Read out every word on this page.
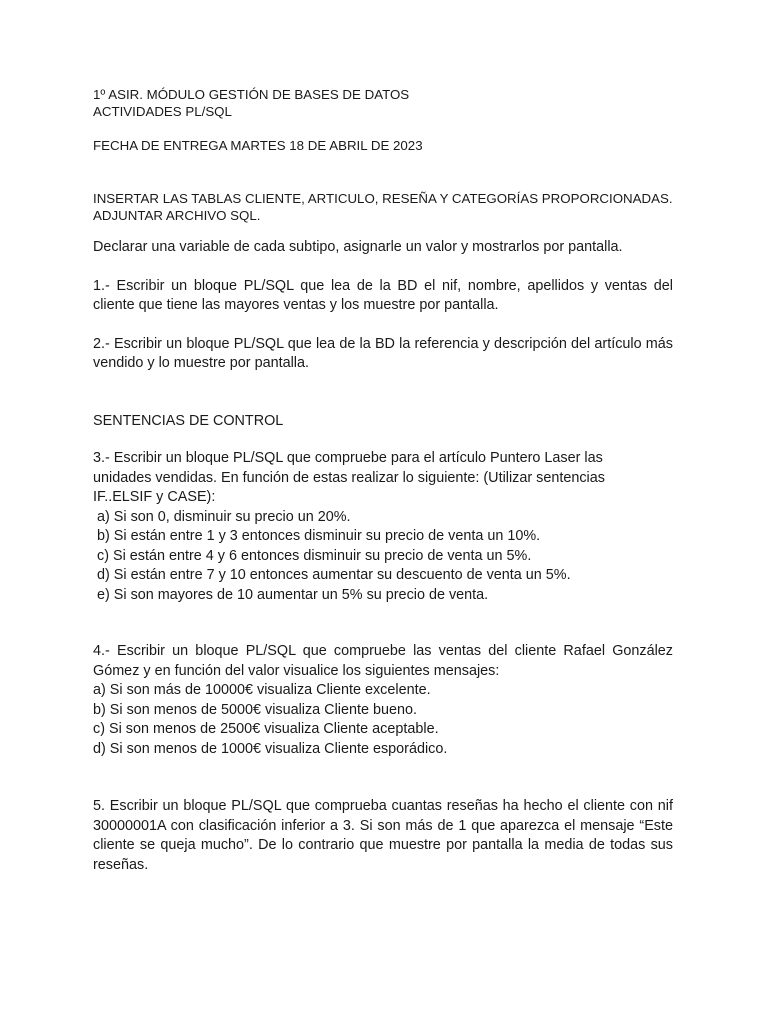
1º ASIR. MÓDULO GESTIÓN DE BASES DE DATOS

ACTIVIDADES PL/SQL

FECHA DE ENTREGA MARTES 18 DE ABRIL DE 2023

INSERTAR LAS TABLAS CLIENTE, ARTICULO, RESEÑA Y CATEGORÍAS PROPORCIONADAS.

ADJUNTAR ARCHIVO SQL.

Declarar una variable de cada subtipo, asignarle un valor y mostrarlos por pantalla.

1.- Escribir un bloque PL/SQL que lea de la BD el nif, nombre, apellidos y ventas del cliente que tiene las mayores ventas y los muestre por pantalla.

2.- Escribir un bloque PL/SQL que lea de la BD la referencia y descripción del artículo más vendido y lo muestre por pantalla.

SENTENCIAS DE CONTROL

3.- Escribir un bloque PL/SQL que compruebe para el artículo Puntero Laser las

unidades vendidas. En función de estas realizar lo siguiente: (Utilizar sentencias

IF..ELSIF y CASE):

a) Si son 0, disminuir su precio un 20%.
b) Si están entre 1 y 3 entonces disminuir su precio de venta un 10%.
c) Si están entre 4 y 6 entonces disminuir su precio de venta un 5%.
d) Si están entre 7 y 10 entonces aumentar su descuento de venta un 5%.
e) Si son mayores de 10 aumentar un 5% su precio de venta.

4.- Escribir un bloque PL/SQL que compruebe las ventas del cliente Rafael González Gómez y en función del valor visualice los siguientes mensajes:

a) Si son más de 10000€ visualiza Cliente excelente.
b) Si son menos de 5000€ visualiza Cliente bueno.
c) Si son menos de 2500€ visualiza Cliente aceptable.
d) Si son menos de 1000€ visualiza Cliente esporádico.

5. Escribir un bloque PL/SQL que comprueba cuantas reseñas ha hecho el cliente con nif 30000001A con clasificación inferior a 3. Si son más de 1 que aparezca el mensaje “Este cliente se queja mucho”. De lo contrario que muestre por pantalla la media de todas sus reseñas.
